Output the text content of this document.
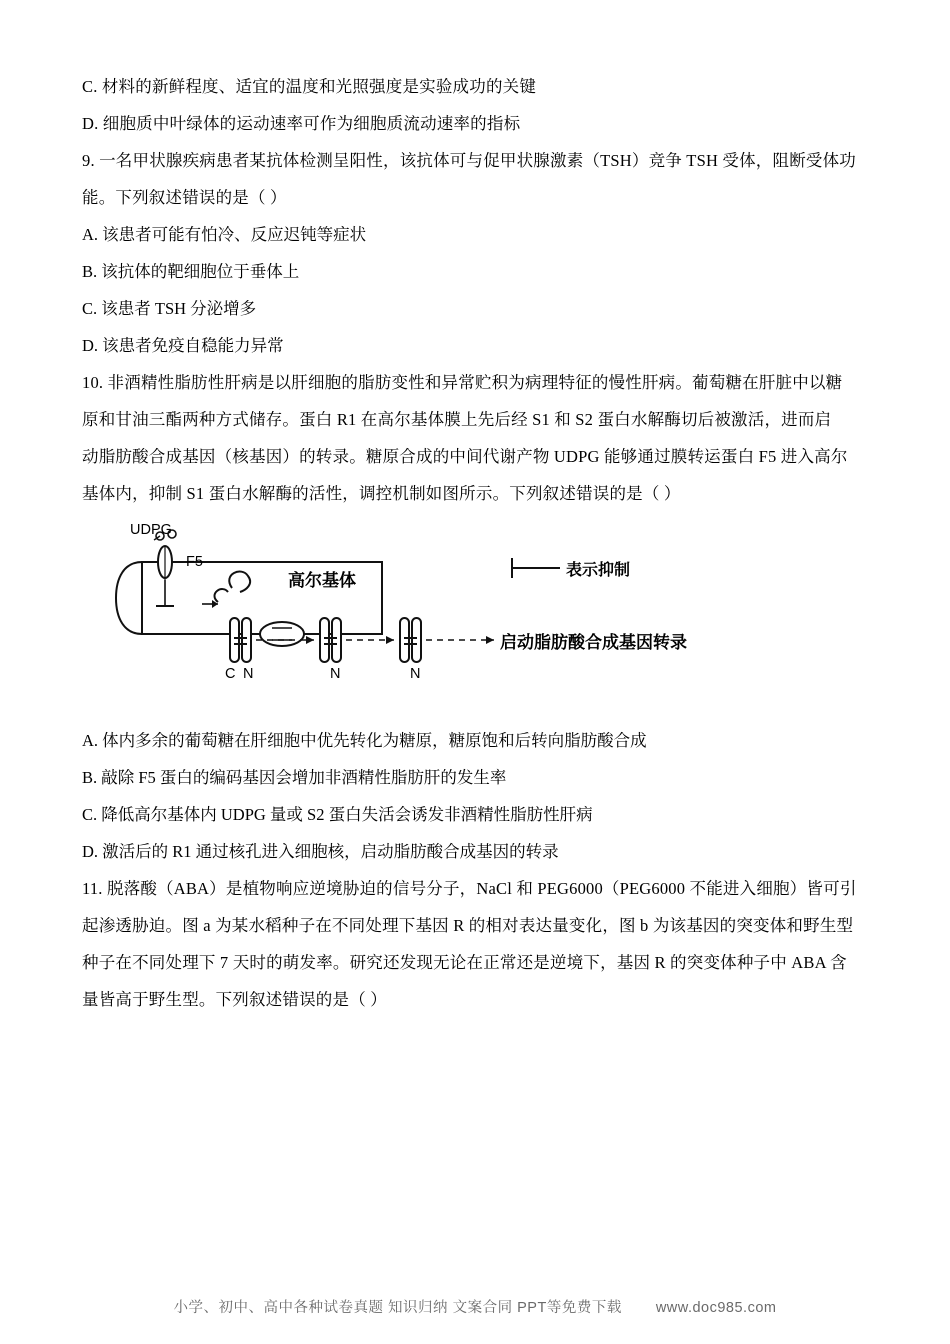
C. 材料的新鲜程度、适宜的温度和光照强度是实验成功的关键
D. 细胞质中叶绿体的运动速率可作为细胞质流动速率的指标
9. 一名甲状腺疾病患者某抗体检测呈阳性，该抗体可与促甲状腺激素（TSH）竞争 TSH 受体，阻断受体功
能。下列叙述错误的是（ ）
A. 该患者可能有怕冷、反应迟钝等症状
B. 该抗体的靶细胞位于垂体上
C. 该患者 TSH 分泌增多
D. 该患者免疫自稳能力异常
10. 非酒精性脂肪性肝病是以肝细胞的脂肪变性和异常贮积为病理特征的慢性肝病。葡萄糖在肝脏中以糖
原和甘油三酯两种方式储存。蛋白 R1 在高尔基体膜上先后经 S1 和 S2 蛋白水解酶切后被激活，进而启
动脂肪酸合成基因（核基因）的转录。糖原合成的中间代谢产物 UDPG 能够通过膜转运蛋白 F5 进入高尔
基体内，抑制 S1 蛋白水解酶的活性，调控机制如图所示。下列叙述错误的是（ ）
UDPG
F5
高尔基体
表示抑制
启动脂肪酸合成基因转录
C N	N	N
A. 体内多余的葡萄糖在肝细胞中优先转化为糖原，糖原饱和后转向脂肪酸合成
B. 敲除 F5 蛋白的编码基因会增加非酒精性脂肪肝的发生率
C. 降低高尔基体内 UDPG 量或 S2 蛋白失活会诱发非酒精性脂肪性肝病
D. 激活后的 R1 通过核孔进入细胞核，启动脂肪酸合成基因的转录
11. 脱落酸（ABA）是植物响应逆境胁迫的信号分子，NaCl 和 PEG6000（PEG6000 不能进入细胞）皆可引
起渗透胁迫。图 a 为某水稻种子在不同处理下基因 R 的相对表达量变化，图 b 为该基因的突变体和野生型
种子在不同处理下 7 天时的萌发率。研究还发现无论在正常还是逆境下，基因 R 的突变体种子中 ABA 含
量皆高于野生型。下列叙述错误的是（ ）
小学、初中、高中各种试卷真题 知识归纳 文案合同 PPT等免费下载 www.doc985.com
